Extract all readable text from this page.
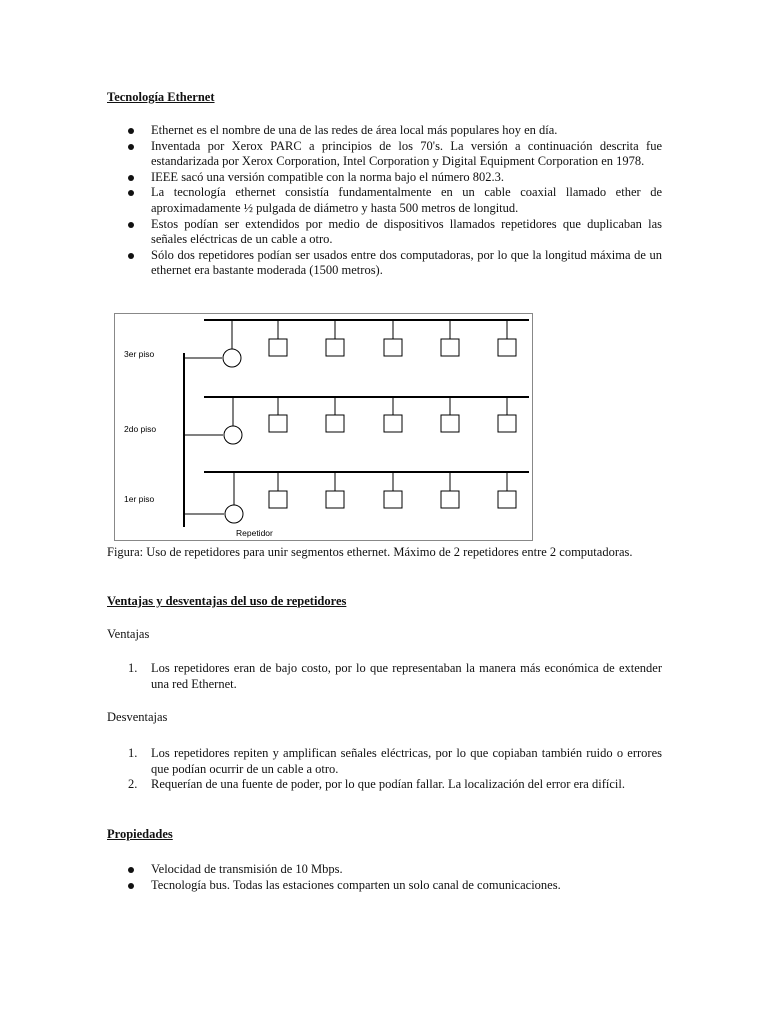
Tecnología Ethernet
Ethernet es el nombre de una de las redes de área local más populares hoy en día.
Inventada por Xerox PARC a principios de los 70's. La versión a continuación descrita fue estandarizada por Xerox Corporation, Intel Corporation y Digital Equipment Corporation en 1978.
IEEE sacó una versión compatible con la norma bajo el número 802.3.
La tecnología ethernet consistía fundamentalmente en un cable coaxial llamado ether de aproximadamente ½ pulgada de diámetro y hasta 500 metros de longitud.
Estos podían ser extendidos por medio de dispositivos llamados repetidores que duplicaban las señales eléctricas de un cable a otro.
Sólo dos repetidores podían ser usados entre dos computadoras, por lo que la longitud máxima de un ethernet era bastante moderada (1500 metros).
3er piso
2do piso
1er piso
Repetidor
Figura: Uso de repetidores para unir segmentos ethernet. Máximo de 2 repetidores entre 2 computadoras.
Ventajas y desventajas del uso de repetidores
Ventajas
1. Los repetidores eran de bajo costo, por lo que representaban la manera más económica de extender una red Ethernet.
Desventajas
1. Los repetidores repiten y amplifican señales eléctricas, por lo que copiaban también ruido o errores que podían ocurrir de un cable a otro.
2. Requerían de una fuente de poder, por lo que podían fallar. La localización del error era difícil.
Propiedades
Velocidad de transmisión de 10 Mbps.
Tecnología bus. Todas las estaciones comparten un solo canal de comunicaciones.
